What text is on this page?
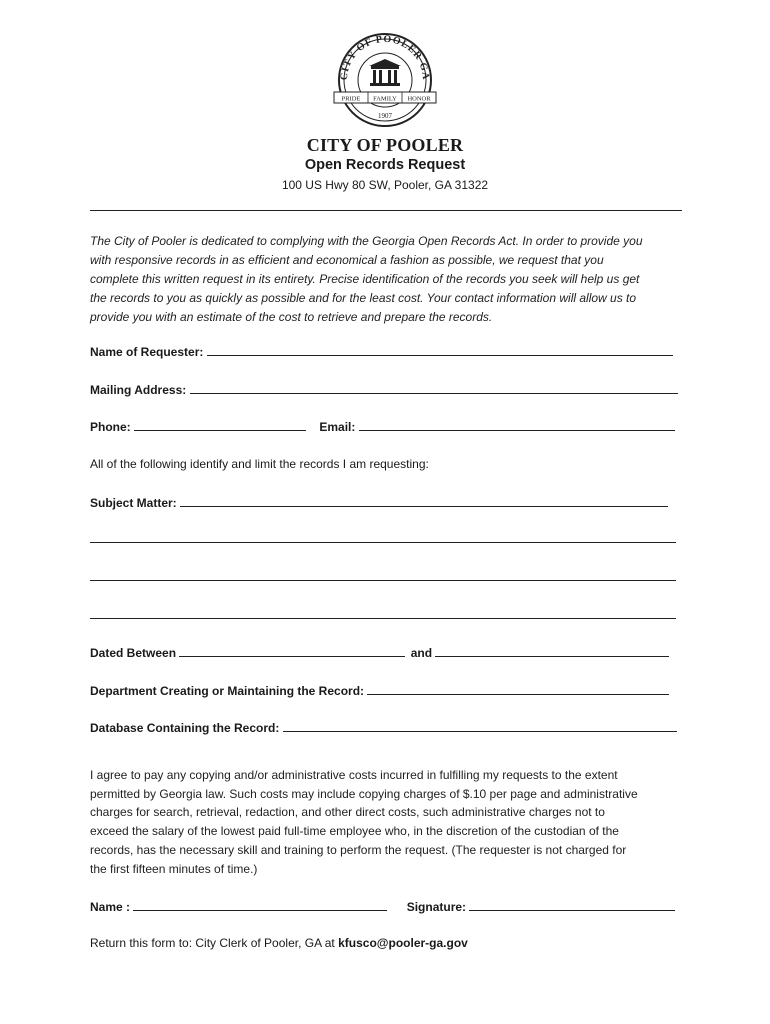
CITY OF POOLER GA
PRIDE FAMILY HONOR
1907
CITY OF POOLER
Open Records Request
100 US Hwy 80 SW, Pooler, GA 31322
The City of Pooler is dedicated to complying with the Georgia Open Records Act. In order to provide you
with responsive records in as efficient and economical a fashion as possible, we request that you
complete this written request in its entirety. Precise identification of the records you seek will help us get
the records to you as quickly as possible and for the least cost. Your contact information will allow us to
provide you with an estimate of the cost to retrieve and prepare the records.
Name of Requester:
Mailing Address:
Phone:	Email:
All of the following identify and limit the records I am requesting:
Subject Matter:
Dated Between	and
Department Creating or Maintaining the Record:
Database Containing the Record:
I agree to pay any copying and/or administrative costs incurred in fulfilling my requests to the extent
permitted by Georgia law. Such costs may include copying charges of $.10 per page and administrative
charges for search, retrieval, redaction, and other direct costs, such administrative charges not to
exceed the salary of the lowest paid full-time employee who, in the discretion of the custodian of the
records, has the necessary skill and training to perform the request. (The requester is not charged for
the first fifteen minutes of time.)
Name :	Signature:
Return this form to: City Clerk of Pooler, GA at kfusco@pooler-ga.gov
